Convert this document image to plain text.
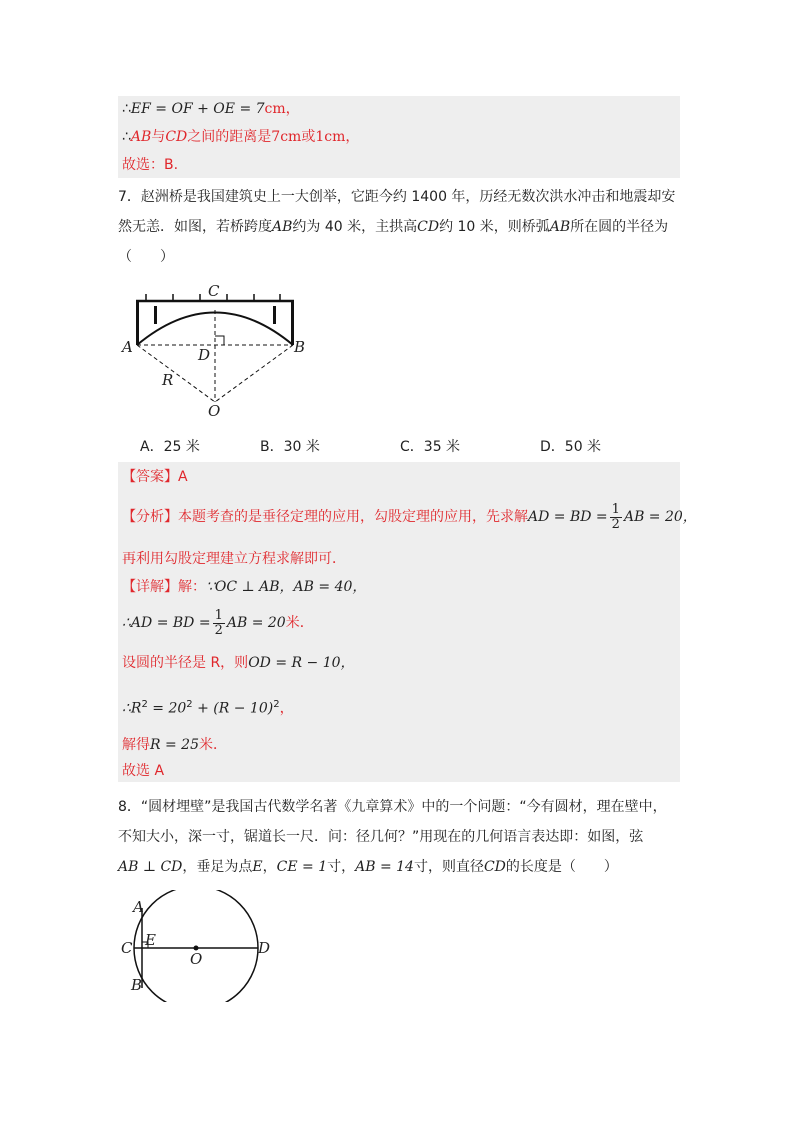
∴EF = OF + OE = 7cm，
∴AB与CD之间的距离是7cm或1cm，
故选：B.
7．赵洲桥是我国建筑史上一大创举，它距今约 1400 年，历经无数次洪水冲击和地震却安
然无恙．如图，若桥跨度AB约为 40 米，主拱高CD约 10 米，则桥弧AB所在圆的半径为
（　　）
C
A	B
D
R
O
A．25 米	B．30 米	C．35 米	D．50 米
【答案】A
【分析】本题考查的是垂径定理的应用，勾股定理的应用，先求解AD = BD = $\frac{1}{2}$ AB = 20，
再利用勾股定理建立方程求解即可．
【详解】解：∵OC ⊥ AB，AB = 40，
∴AD = BD = $\frac{1}{2}$ AB = 20米．
设圆的半径是 R，则OD = R − 10，
$\therefore R^2 = 20^2 + (R - 10)^2$，
解得R = 25米．
故选 A
8．“圆材埋壁”是我国古代数学名著《九章算术》中的一个问题：“今有圆材，理在壁中，
不知大小，深一寸，锯道长一尺．问：径几何？”用现在的几何语言表达即：如图，弦
AB ⊥ CD，垂足为点E，CE = 1寸，AB = 14寸，则直径CD的长度是（　　）
A
C E
O
D
B
